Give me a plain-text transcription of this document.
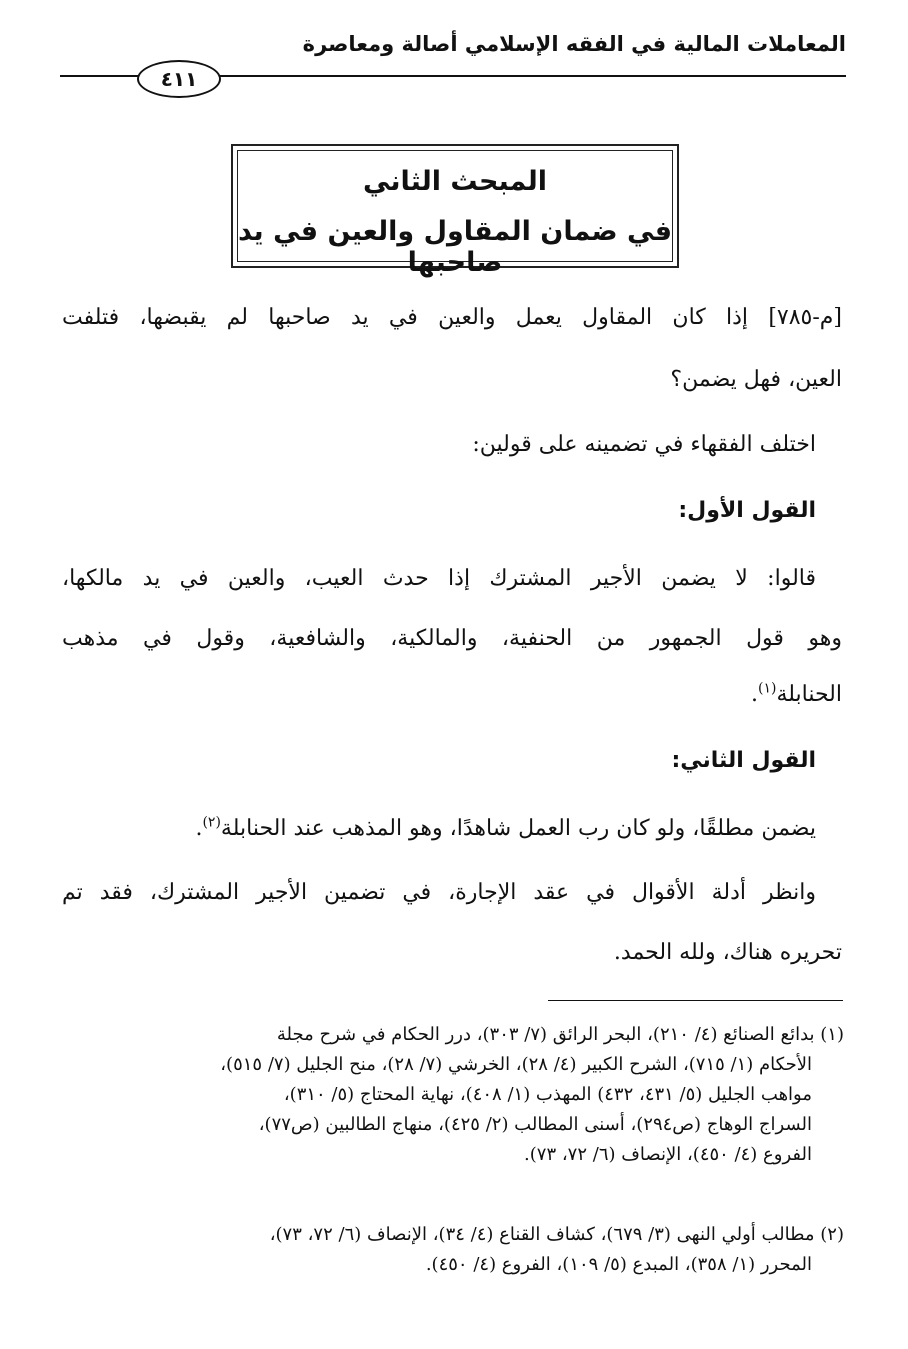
المعاملات المالية في الفقه الإسلامي أصالة ومعاصرة
٤١١
المبحث الثاني
في ضمان المقاول والعين في يد صاحبها
[م-٧٨٥] إذا كان المقاول يعمل والعين في يد صاحبها لم يقبضها، فتلفت
العين، فهل يضمن؟
اختلف الفقهاء في تضمينه على قولين:
القول الأول:
قالوا: لا يضمن الأجير المشترك إذا حدث العيب، والعين في يد مالكها،
وهو قول الجمهور من الحنفية، والمالكية، والشافعية، وقول في مذهب
الحنابلة$^{(١)}$.
القول الثاني:
يضمن مطلقًا، ولو كان رب العمل شاهدًا، وهو المذهب عند الحنابلة$^{(٢)}$.
وانظر أدلة الأقوال في عقد الإجارة، في تضمين الأجير المشترك، فقد تم
تحريره هناك، ولله الحمد.
(١) بدائع الصنائع (٤/ ٢١٠)، البحر الرائق (٧/ ٣٠٣)، درر الحكام في شرح مجلة
الأحكام (١/ ٧١٥)، الشرح الكبير (٤/ ٢٨)، الخرشي (٧/ ٢٨)، منح الجليل (٧/ ٥١٥)،
مواهب الجليل (٥/ ٤٣١، ٤٣٢) المهذب (١/ ٤٠٨)، نهاية المحتاج (٥/ ٣١٠)،
السراج الوهاج (ص٢٩٤)، أسنى المطالب (٢/ ٤٢٥)، منهاج الطالبين (ص٧٧)،
الفروع (٤/ ٤٥٠)، الإنصاف (٦/ ٧٢، ٧٣).
(٢) مطالب أولي النهى (٣/ ٦٧٩)، كشاف القناع (٤/ ٣٤)، الإنصاف (٦/ ٧٢، ٧٣)،
المحرر (١/ ٣٥٨)، المبدع (٥/ ١٠٩)، الفروع (٤/ ٤٥٠).
